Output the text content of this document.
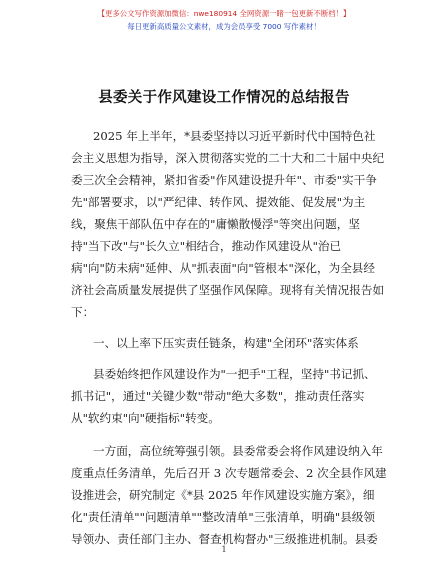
【更多公文写作资源加微信：nwe180914 全网资源一睹一包更新不断档！】
每日更新高质量公文素材，成为会员享受 7000 写作素材！
县委关于作风建设工作情况的总结报告
2025 年上半年，*县委坚持以习近平新时代中国特色社
会主义思想为指导，深入贯彻落实党的二十大和二十届中央纪
委三次全会精神，紧扣省委"作风建设提升年"、市委"实干争
先"部署要求，以"严纪律、转作风、提效能、促发展"为主
线，聚焦干部队伍中存在的"庸懒散慢浮"等突出问题，坚
持"当下改"与"长久立"相结合，推动作风建设从"治已
病"向"防未病"延伸、从"抓表面"向"管根本"深化，为全县经
济社会高质量发展提供了坚强作风保障。现将有关情况报告如
下：
一、以上率下压实责任链条，构建"全闭环"落实体系
县委始终把作风建设作为"一把手"工程，坚持"书记抓、
抓书记"，通过"关键少数"带动"绝大多数"，推动责任落实
从"软约束"向"硬指标"转变。
一方面，高位统筹强引领。县委常委会将作风建设纳入年
度重点任务清单，先后召开 3 次专题常委会、2 次全县作风建
设推进会，研究制定《*县 2025 年作风建设实施方案》，细
化"责任清单""问题清单""整改清单"三张清单，明确"县级领
导领办、责任部门主办、督查机构督办"三级推进机制。县委
1
